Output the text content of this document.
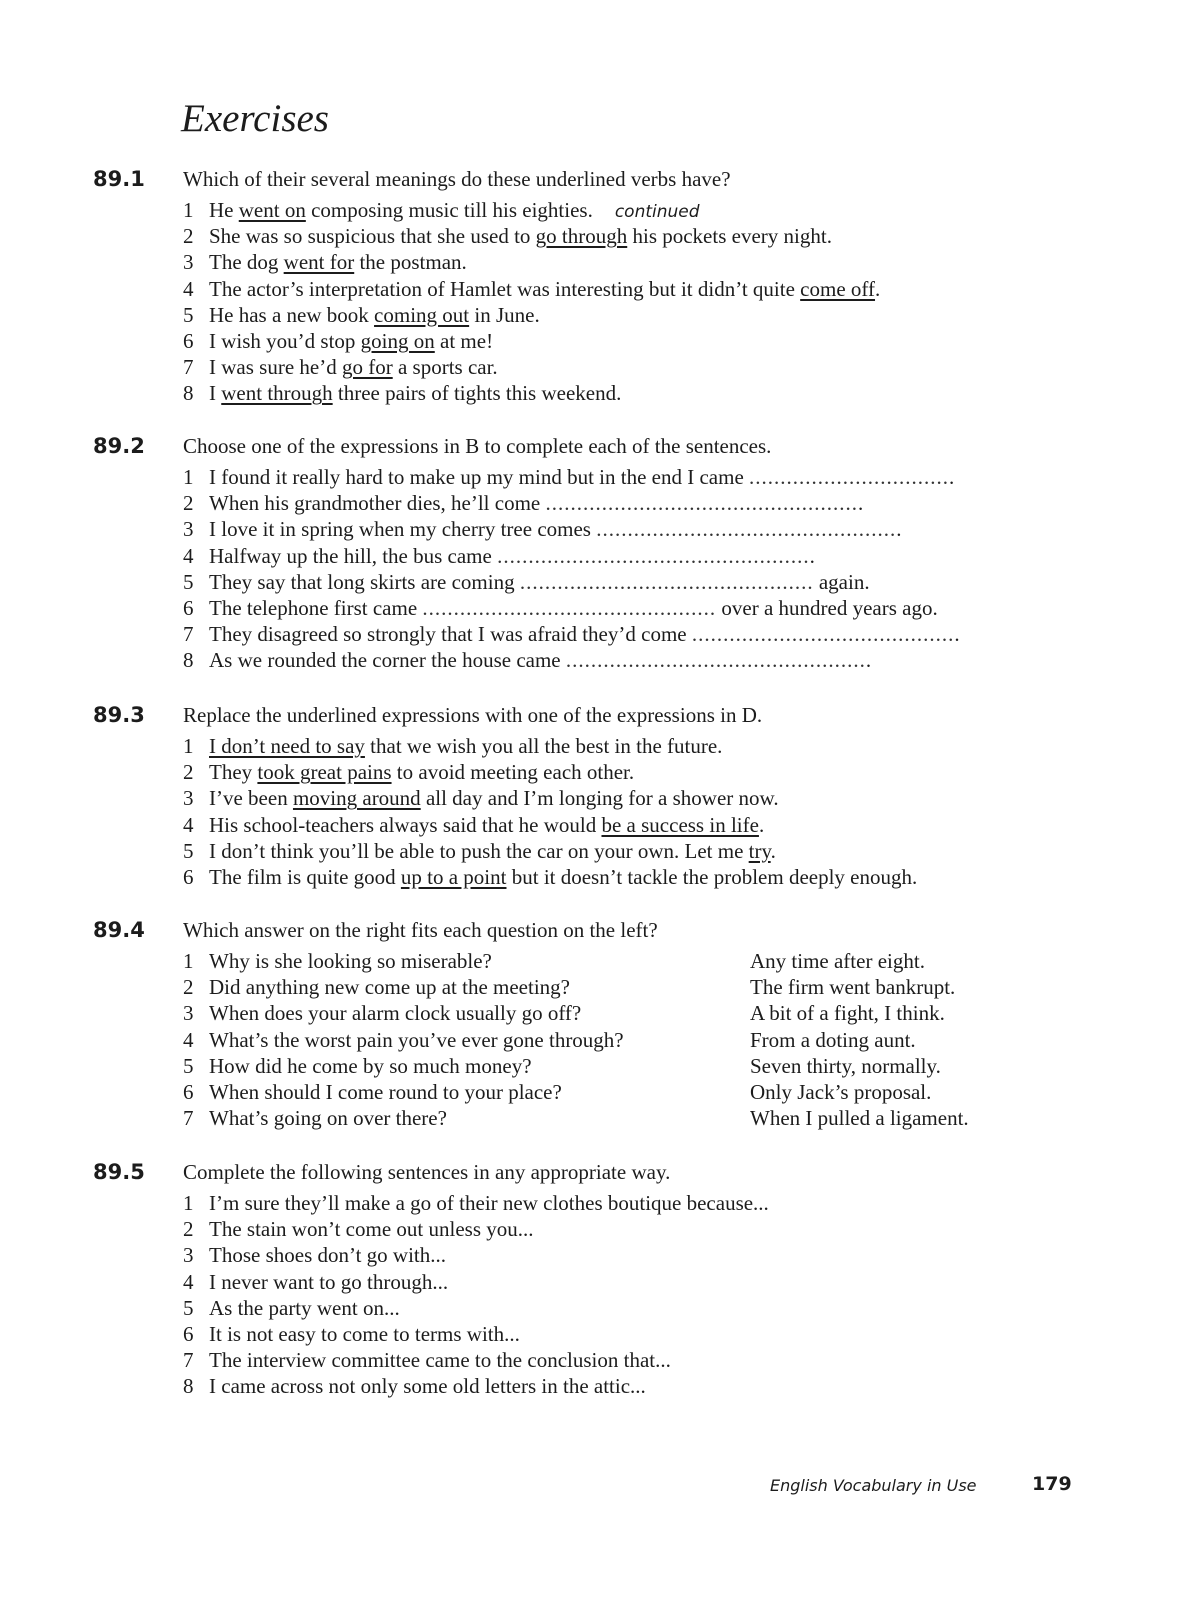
Exercises
89.1 Which of their several meanings do these underlined verbs have?
1 He went on composing music till his eighties. continued
2 She was so suspicious that she used to go through his pockets every night.
3 The dog went for the postman.
4 The actor’s interpretation of Hamlet was interesting but it didn’t quite come off.
5 He has a new book coming out in June.
6 I wish you’d stop going on at me!
7 I was sure he’d go for a sports car.
8 I went through three pairs of tights this weekend.
89.2 Choose one of the expressions in B to complete each of the sentences.
1 I found it really hard to make up my mind but in the end I came .................................
2 When his grandmother dies, he’ll come ...................................................
3 I love it in spring when my cherry tree comes .................................................
4 Halfway up the hill, the bus came ...................................................
5 They say that long skirts are coming ............................................... again.
6 The telephone first came ............................................... over a hundred years ago.
7 They disagreed so strongly that I was afraid they’d come ...........................................
8 As we rounded the corner the house came .................................................
89.3 Replace the underlined expressions with one of the expressions in D.
1 I don’t need to say that we wish you all the best in the future.
2 They took great pains to avoid meeting each other.
3 I’ve been moving around all day and I’m longing for a shower now.
4 His school-teachers always said that he would be a success in life.
5 I don’t think you’ll be able to push the car on your own. Let me try.
6 The film is quite good up to a point but it doesn’t tackle the problem deeply enough.
89.4 Which answer on the right fits each question on the left?
1 Why is she looking so miserable?
2 Did anything new come up at the meeting?
3 When does your alarm clock usually go off?
4 What’s the worst pain you’ve ever gone through?
5 How did he come by so much money?
6 When should I come round to your place?
7 What’s going on over there?
Any time after eight.
The firm went bankrupt.
A bit of a fight, I think.
From a doting aunt.
Seven thirty, normally.
Only Jack’s proposal.
When I pulled a ligament.
89.5 Complete the following sentences in any appropriate way.
1 I’m sure they’ll make a go of their new clothes boutique because...
2 The stain won’t come out unless you...
3 Those shoes don’t go with...
4 I never want to go through...
5 As the party went on...
6 It is not easy to come to terms with...
7 The interview committee came to the conclusion that...
8 I came across not only some old letters in the attic...
English Vocabulary in Use	179
